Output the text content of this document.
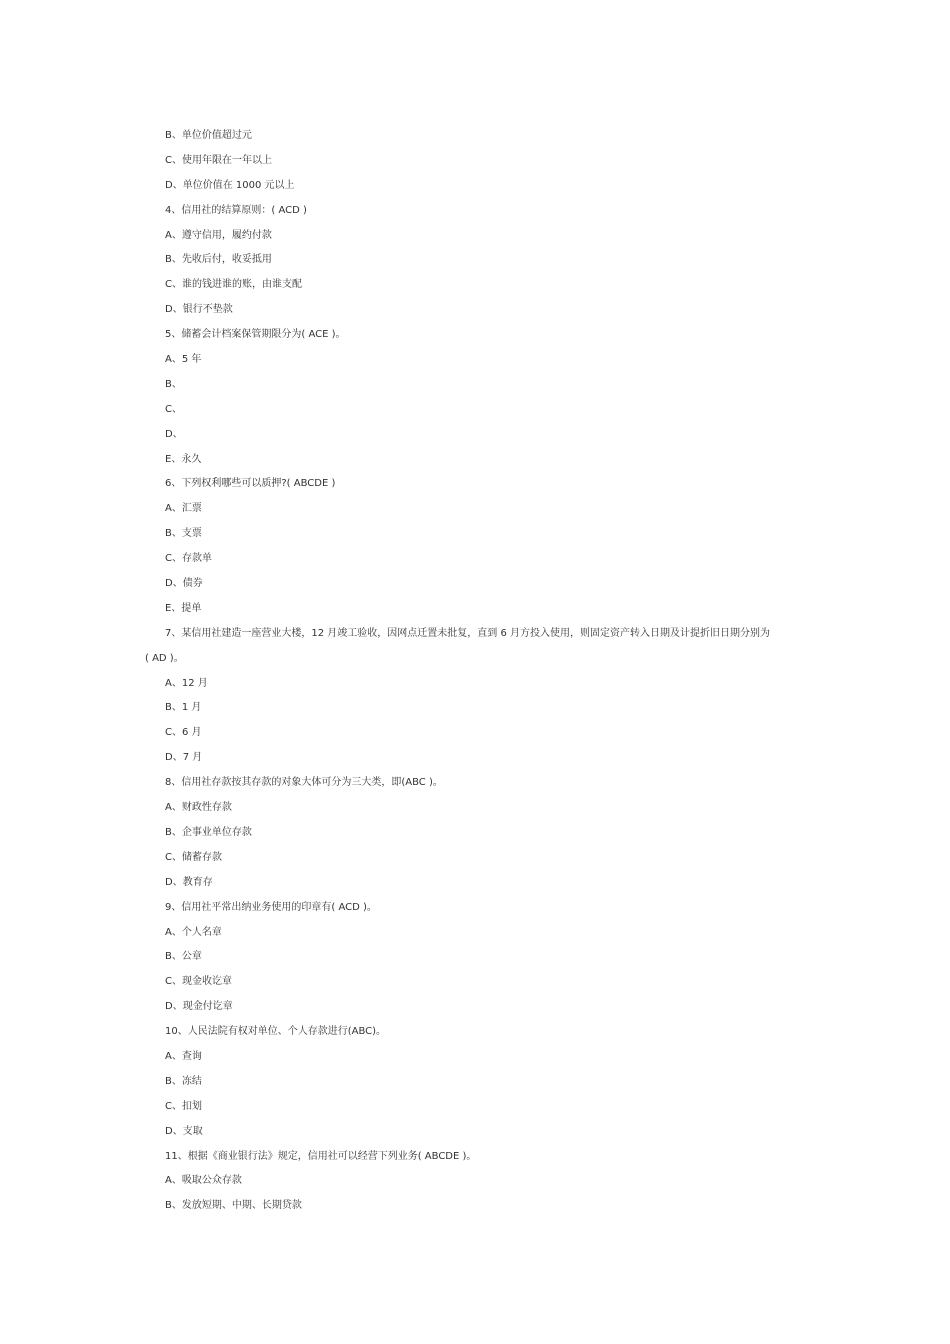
B、单位价值超过元
C、使用年限在一年以上
D、单位价值在 1000 元以上
4、信用社的结算原则：( ACD )
A、遵守信用，履约付款
B、先收后付，收妥抵用
C、谁的钱进谁的账，由谁支配
D、银行不垫款
5、储蓄会计档案保管期限分为( ACE )。
A、5 年
B、
C、
D、
E、永久
6、下列权利哪些可以质押?( ABCDE )
A、汇票
B、支票
C、存款单
D、债券
E、提单
7、某信用社建造一座营业大楼，12 月竣工验收，因网点迁置未批复，直到 6 月方投入使用，则固定资产转入日期及计提折旧日期分别为
( AD )。
A、12 月
B、1 月
C、6 月
D、7 月
8、信用社存款按其存款的对象大体可分为三大类，即(ABC )。
A、财政性存款
B、企事业单位存款
C、储蓄存款
D、教育存
9、信用社平常出纳业务使用的印章有( ACD )。
A、个人名章
B、公章
C、现金收讫章
D、现金付讫章
10、人民法院有权对单位、个人存款进行(ABC)。
A、查询
B、冻结
C、扣划
D、支取
11、根据《商业银行法》规定，信用社可以经营下列业务( ABCDE )。
A、吸取公众存款
B、发放短期、中期、长期贷款
